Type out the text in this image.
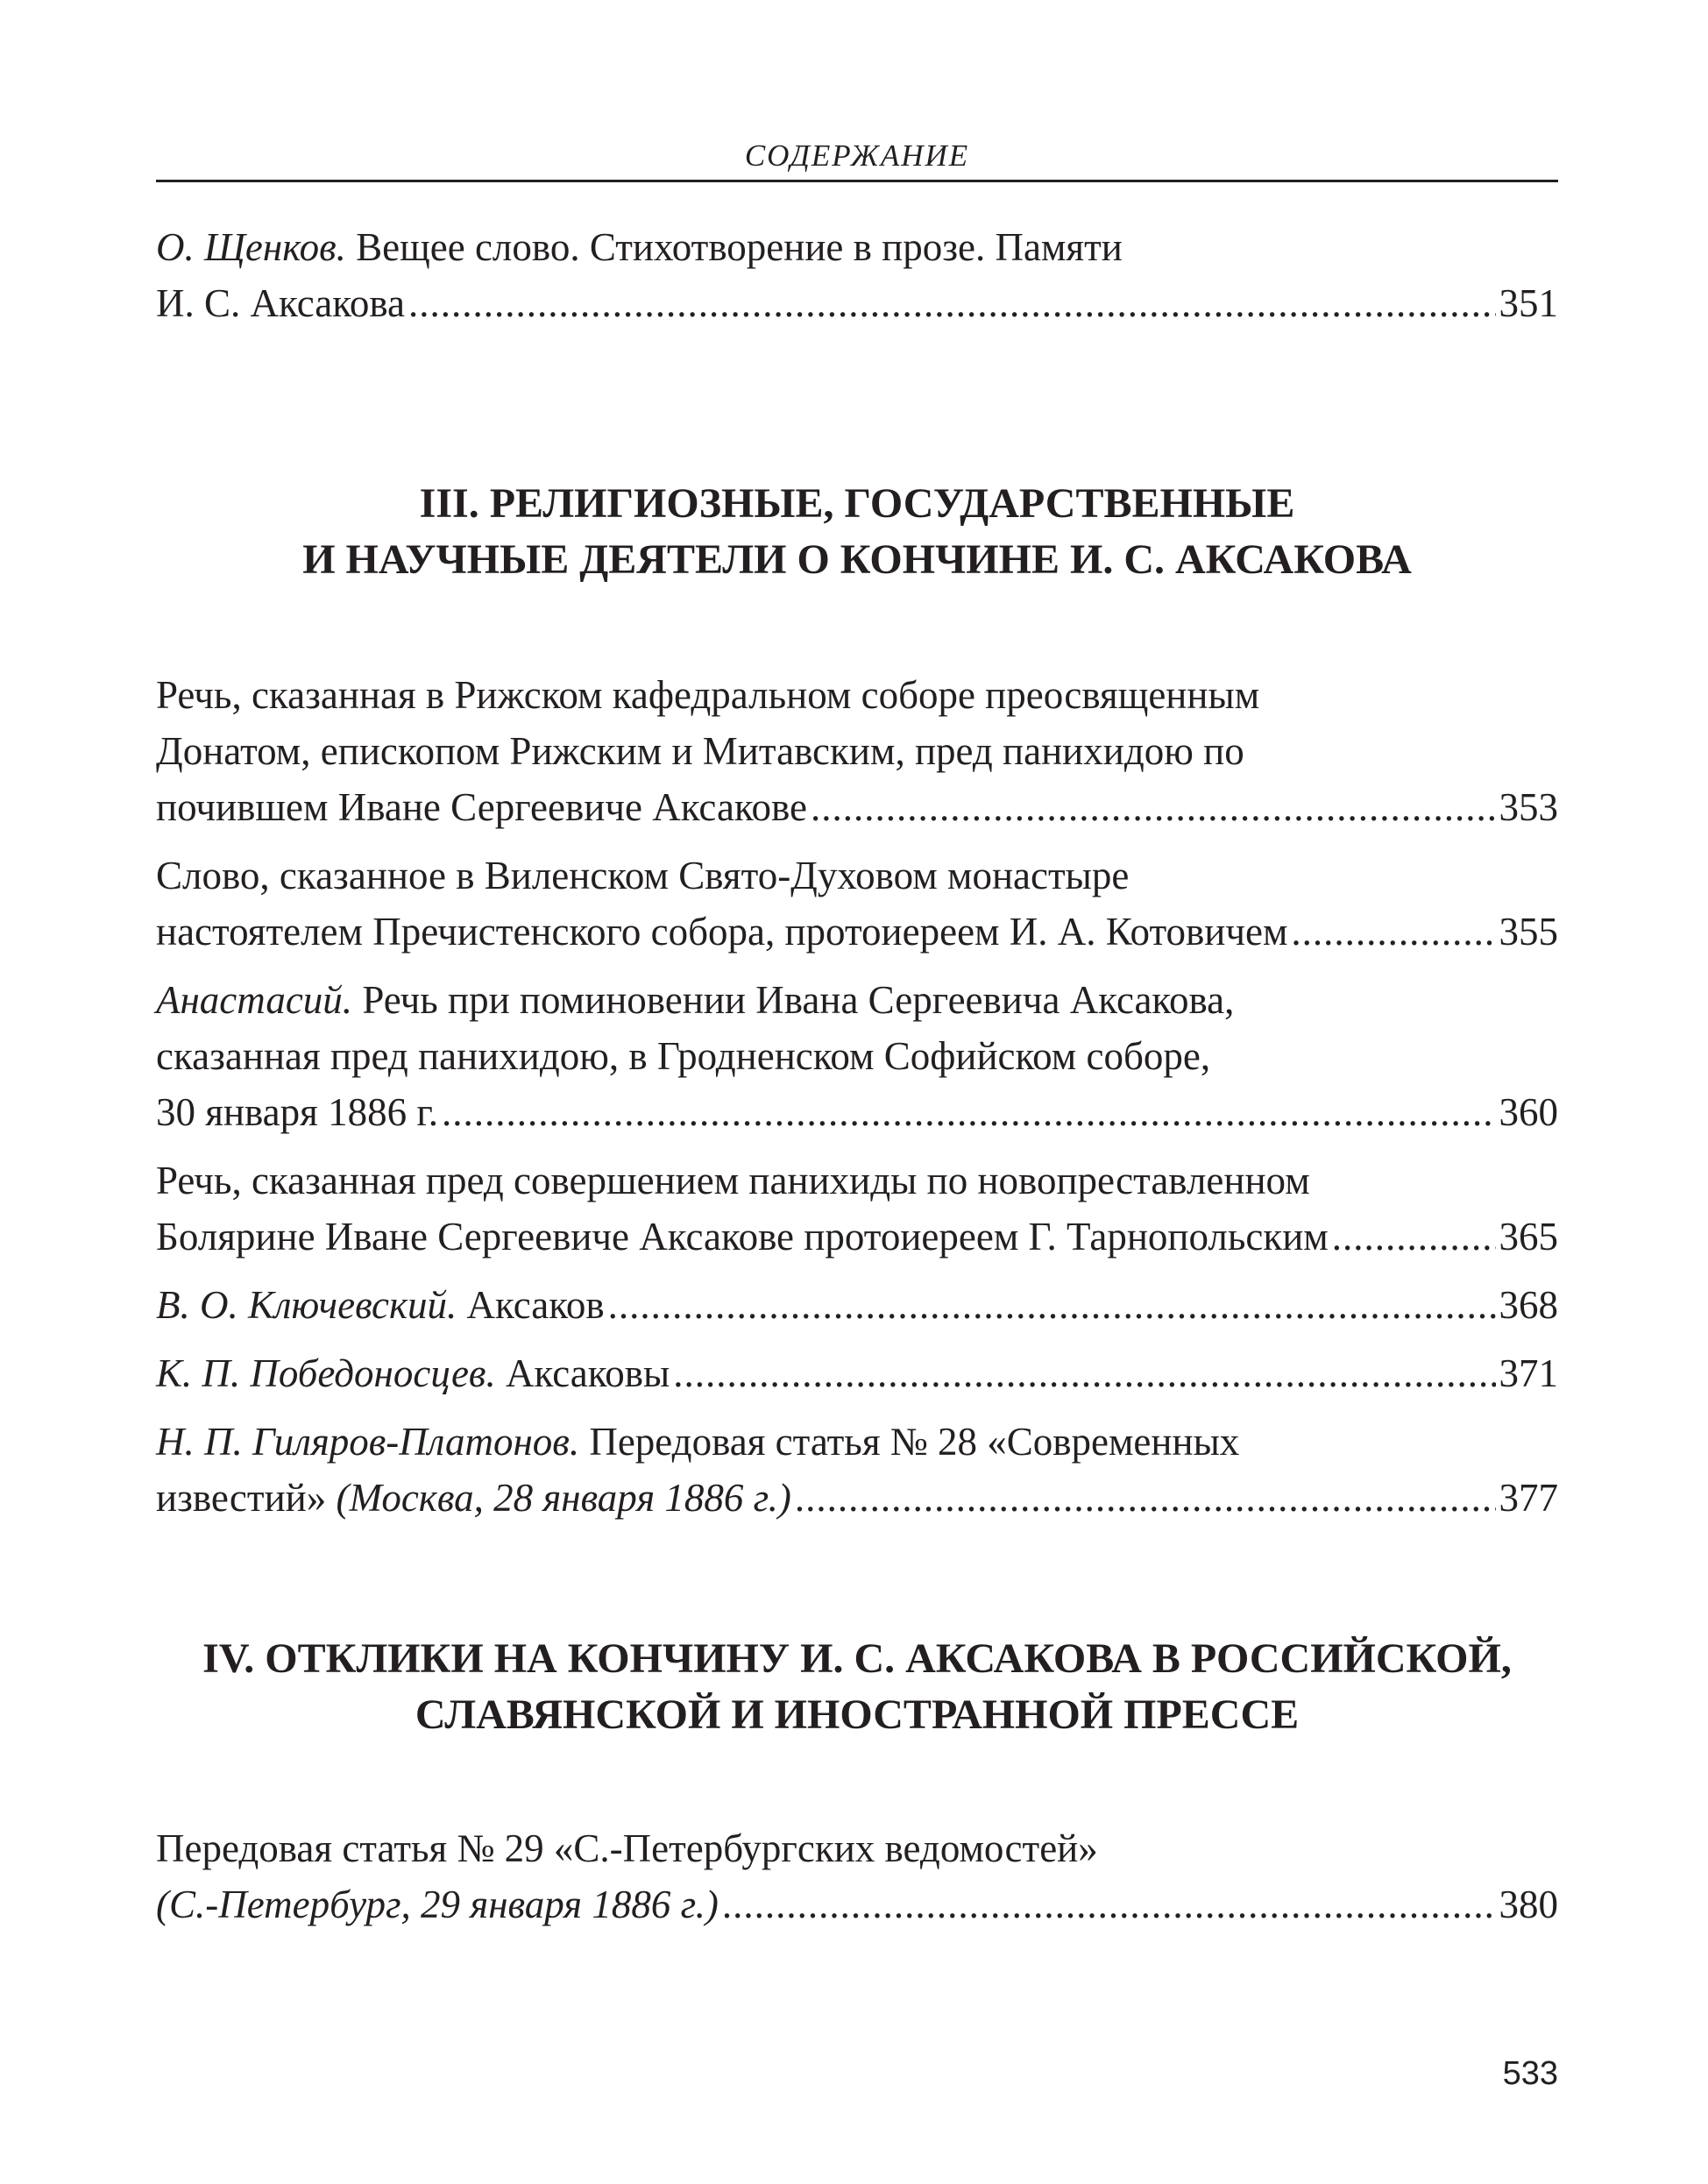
СОДЕРЖАНИЕ
О. Щенков. Вещее слово. Стихотворение в прозе. Памяти
И. С. Аксакова .....	351

III. РЕЛИГИОЗНЫЕ, ГОСУДАРСТВЕННЫЕ

И НАУЧНЫЕ ДЕЯТЕЛИ О КОНЧИНЕ И. С. АКСАКОВА

Речь, сказанная в Рижском кафедральном соборе преосвященным
Донатом, епископом Рижским и Митавским, пред панихидою по
почившем Иване Сергеевиче Аксакове .....	353
Слово, сказанное в Виленском Свято-Духовом монастыре
настоятелем Пречистенского собора, протоиереем И. А. Котовичем .....	355
Анастасий. Речь при поминовении Ивана Сергеевича Аксакова,
сказанная пред панихидою, в Гродненском Софийском соборе,
30 января 1886 г. .....	360
Речь, сказанная пред совершением панихиды по новопреставленном
Болярине Иване Сергеевиче Аксакове протоиереем Г. Тарнопольским .....	365
В. О. Ключевский. Аксаков .....	368
К. П. Победоносцев. Аксаковы .....	371
Н. П. Гиляров-Платонов. Передовая статья № 28 «Современных
известий» (Москва, 28 января 1886 г.) .....	377

IV. ОТКЛИКИ НА КОНЧИНУ И. С. АКСАКОВА В РОССИЙСКОЙ,

СЛАВЯНСКОЙ И ИНОСТРАННОЙ ПРЕССЕ

Передовая статья № 29 «С.-Петербургских ведомостей»
(С.-Петербург, 29 января 1886 г.) .....	380
533
